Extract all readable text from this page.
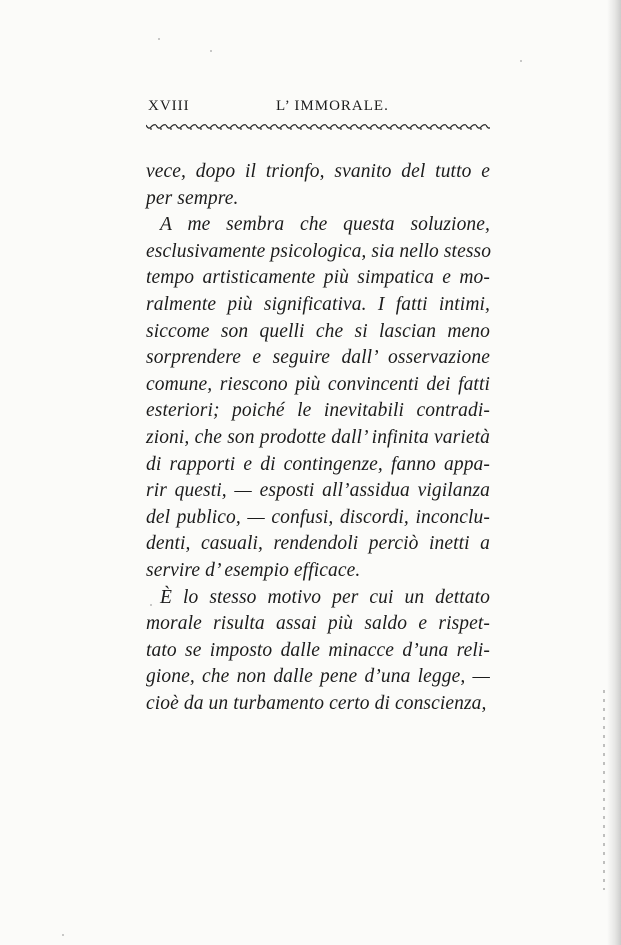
XVIII	L’ IMMORALE.
vece, dopo il trionfo, svanito del tutto e
per sempre.
A me sembra che questa soluzione,
esclusivamente psicologica, sia nello stesso
tempo artisticamente più simpatica e mo-
ralmente più significativa. I fatti intimi,
siccome son quelli che si lascian meno
sorprendere e seguire dall’ osservazione
comune, riescono più convincenti dei fatti
esteriori; poiché le inevitabili contradi-
zioni, che son prodotte dall’ infinita varietà
di rapporti e di contingenze, fanno appa-
rir questi, — esposti all’assidua vigilanza
del publico, — confusi, discordi, inconclu-
denti, casuali, rendendoli perciò inetti a
servire d’ esempio efficace.
È lo stesso motivo per cui un dettato
morale risulta assai più saldo e rispet-
tato se imposto dalle minacce d’una reli-
gione, che non dalle pene d’una legge, —
cioè da un turbamento certo di conscienza,
